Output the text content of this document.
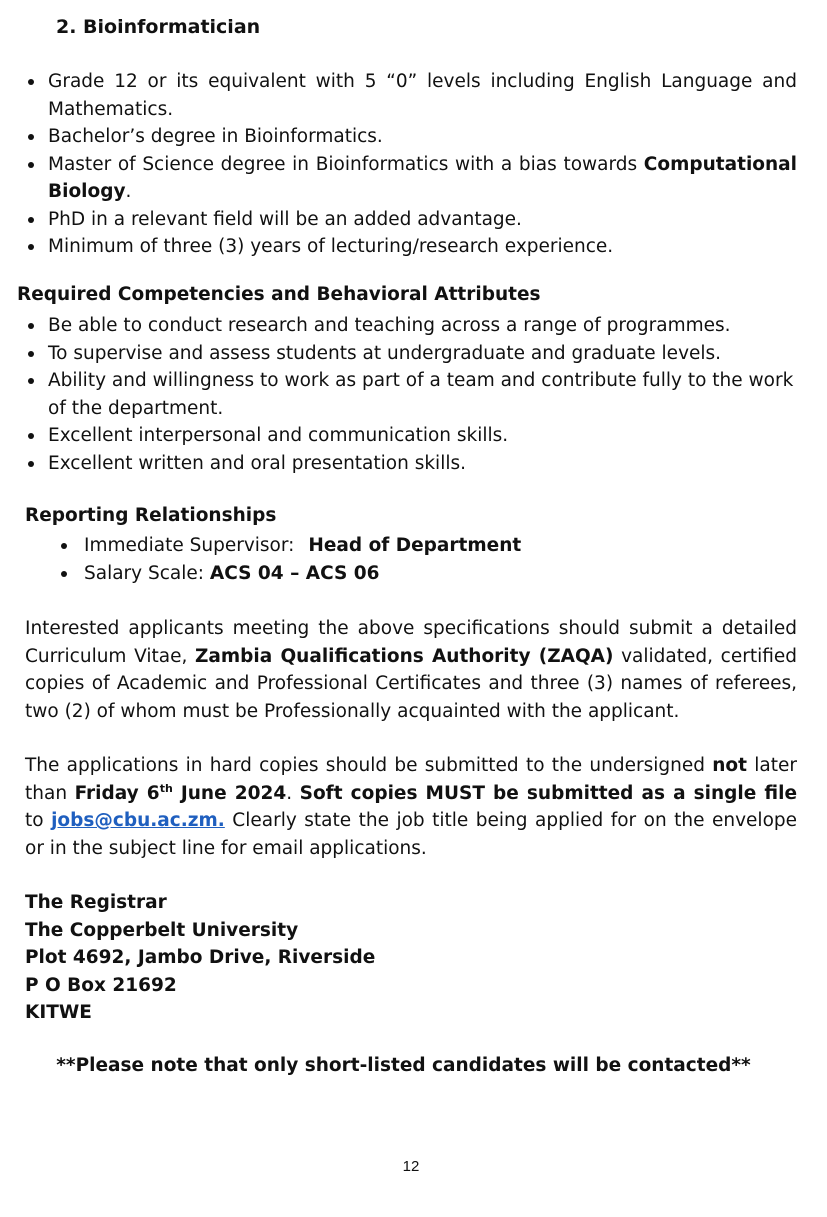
2. Bioinformatician
Grade 12 or its equivalent with 5 “0” levels including English Language and Mathematics.
Bachelor’s degree in Bioinformatics.
Master of Science degree in Bioinformatics with a bias towards Computational Biology.
PhD in a relevant field will be an added advantage.
Minimum of three (3) years of lecturing/research experience.
Required Competencies and Behavioral Attributes
Be able to conduct research and teaching across a range of programmes.
To supervise and assess students at undergraduate and graduate levels.
Ability and willingness to work as part of a team and contribute fully to the work of the department.
Excellent interpersonal and communication skills.
Excellent written and oral presentation skills.
Reporting Relationships
Immediate Supervisor: Head of Department
Salary Scale: ACS 04 – ACS 06
Interested applicants meeting the above specifications should submit a detailed Curriculum Vitae, Zambia Qualifications Authority (ZAQA) validated, certified copies of Academic and Professional Certificates and three (3) names of referees, two (2) of whom must be Professionally acquainted with the applicant.
The applications in hard copies should be submitted to the undersigned not later than Friday 6th June 2024. Soft copies MUST be submitted as a single file to jobs@cbu.ac.zm. Clearly state the job title being applied for on the envelope or in the subject line for email applications.
The Registrar
The Copperbelt University
Plot 4692, Jambo Drive, Riverside
P O Box 21692
KITWE
**Please note that only short-listed candidates will be contacted**
12
